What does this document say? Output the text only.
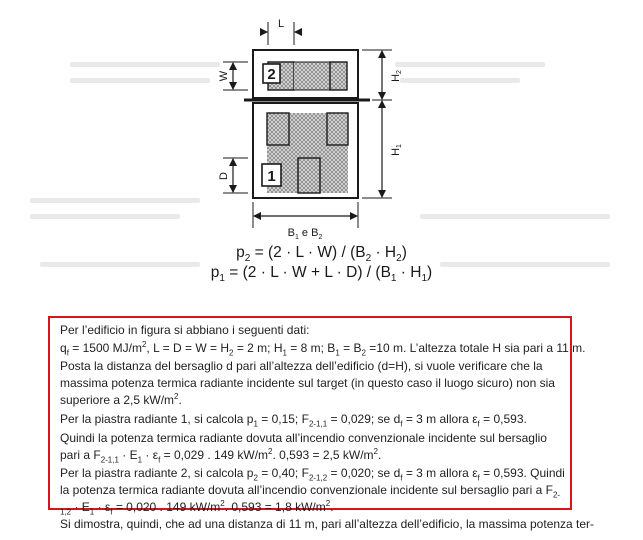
2
1
L
W
D
$H_2$
$H_1$
$B_1$ e $B_2$
$p_2 = (2 \cdot L \cdot W) / (B_2 \cdot H_2)$
$p_1 = (2 \cdot L \cdot W + L \cdot D) / (B_1 \cdot H_1)$

Per l’edificio in figura si abbiano i seguenti dati:

$q_f = 1500$ $MJ/m^2$, $L = D = W = H_2 = 2$ m; $H_1 = 8$ m; $B_1 = B_2 =10$ m. L’altezza totale H sia pari a 11 m.

Posta la distanza del bersaglio d pari all’altezza dell’edificio (d=H), si vuole verificare che la massima potenza termica radiante incidente sul target (in questo caso il luogo sicuro) non sia superiore a 2,5 $kW/m^2$.

Per la piastra radiante 1, si calcola $p_1 = 0,15$; $F_{2-1,1} = 0,029$; se $d_f = 3$ m allora $\varepsilon_f = 0,593$.

Quindi la potenza termica radiante dovuta all’incendio convenzionale incidente sul bersaglio pari a $F_{2-1,1} \cdot E_1 \cdot \varepsilon_f = 0,029$ . 149 $kW/m^2$. 0,593 = 2,5 $kW/m^2$.

Per la piastra radiante 2, si calcola $p_2 = 0,40$; $F_{2-1,2} = 0,020$; se $d_f = 3$ m allora $\varepsilon_f = 0,593$. Quindi la potenza termica radiante dovuta all’incendio convenzionale incidente sul bersaglio pari a $F_{2-1,2} \cdot E_1 \cdot \varepsilon_f = 0,020$ . 149 $kW/m^2$. 0,593 = 1,8 $kW/m^2$.

Si dimostra, quindi, che ad una distanza di 11 m, pari all’altezza dell’edificio, la massima potenza ter-
